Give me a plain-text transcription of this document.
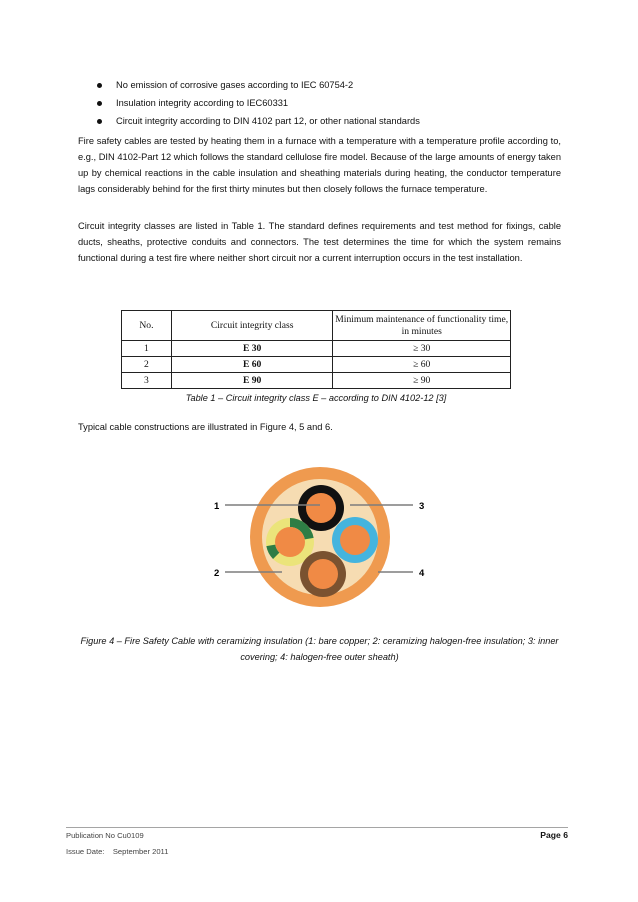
No emission of corrosive gases according to IEC 60754-2
Insulation integrity according to IEC60331
Circuit integrity according to DIN 4102 part 12, or other national standards

Fire safety cables are tested by heating them in a furnace with a temperature with a temperature profile according to, e.g., DIN 4102-Part 12 which follows the standard cellulose fire model. Because of the large amounts of energy taken up by chemical reactions in the cable insulation and sheathing materials during heating, the conductor temperature lags considerably behind for the first thirty minutes but then closely follows the furnace temperature.

Circuit integrity classes are listed in Table 1. The standard defines requirements and test method for fixings, cable ducts, sheaths, protective conduits and connectors. The test determines the time for which the system remains functional during a test fire where neither short circuit nor a current interruption occurs in the test installation.

No.	Circuit integrity class	Minimum maintenance of functionality time, in minutes
1	E 30	≥ 30
2	E 60	≥ 60
3	E 90	≥ 90

Table 1 – Circuit integrity class E – according to DIN 4102-12 [3]

Typical cable constructions are illustrated in Figure 4, 5 and 6.

1
2
3
4

Figure 4 – Fire Safety Cable with ceramizing insulation (1: bare copper; 2: ceramizing halogen-free insulation; 3: inner covering; 4: halogen-free outer sheath)

Publication No Cu0109
Issue Date:    September 2011
Page 6
